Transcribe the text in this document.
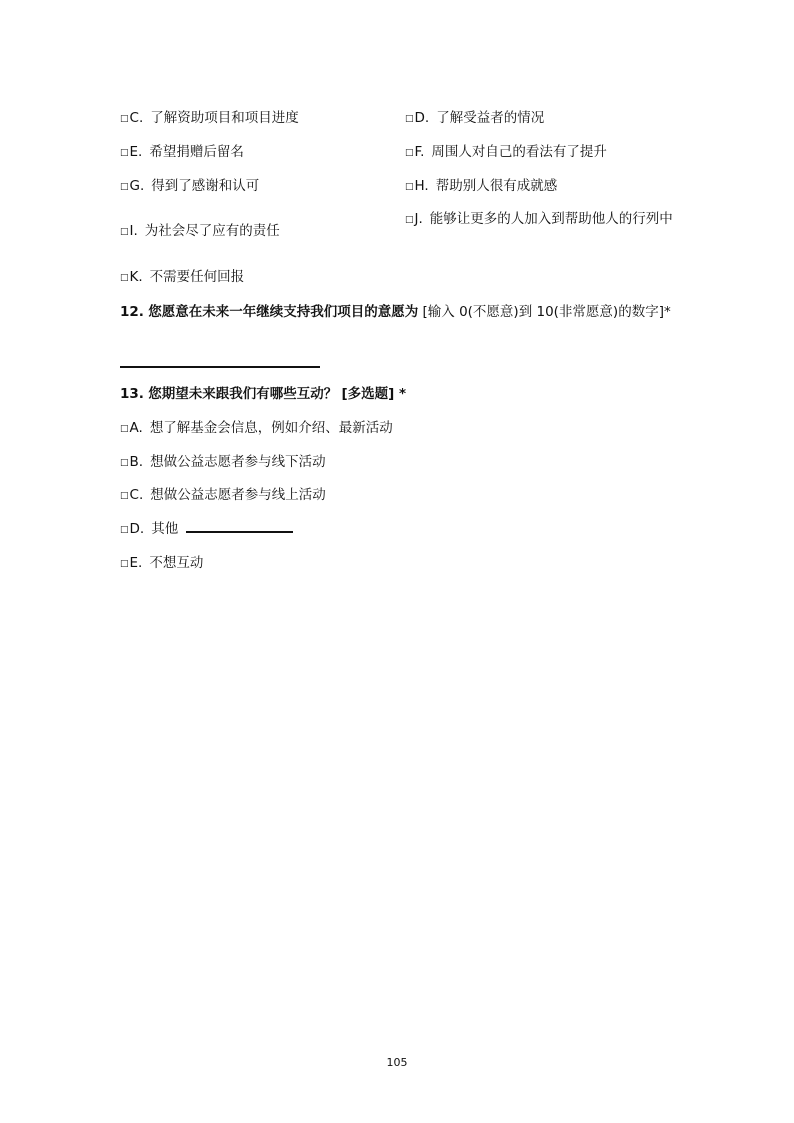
□C. 了解资助项目和项目进度	□D. 了解受益者的情况
□E. 希望捐赠后留名	□F. 周围人对自己的看法有了提升
□G. 得到了感谢和认可	□H. 帮助别人很有成就感
□I. 为社会尽了应有的责任
□J. 能够让更多的人加入到帮助他人的行列中
□K. 不需要任何回报
12. 您愿意在未来一年继续支持我们项目的意愿为 [输入 0(不愿意)到 10(非常愿意)的数字]*
13. 您期望未来跟我们有哪些互动？ [多选题] *
□A. 想了解基金会信息，例如介绍、最新活动
□B. 想做公益志愿者参与线下活动
□C. 想做公益志愿者参与线上活动
□D. 其他
□E. 不想互动
105
